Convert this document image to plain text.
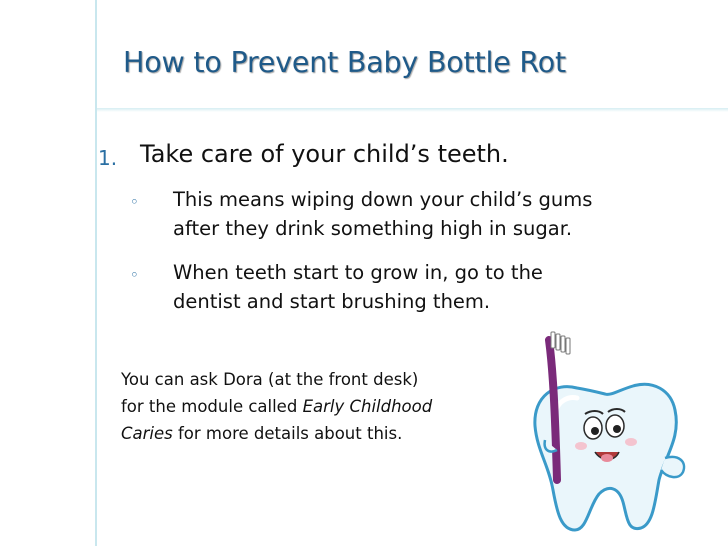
How to Prevent Baby Bottle Rot
1. Take care of your child’s teeth.
◦ This means wiping down your child’s gums
after they drink something high in sugar.
◦ When teeth start to grow in, go to the
dentist and start brushing them.
You can ask Dora (at the front desk)
for the module called Early Childhood
Caries for more details about this.
